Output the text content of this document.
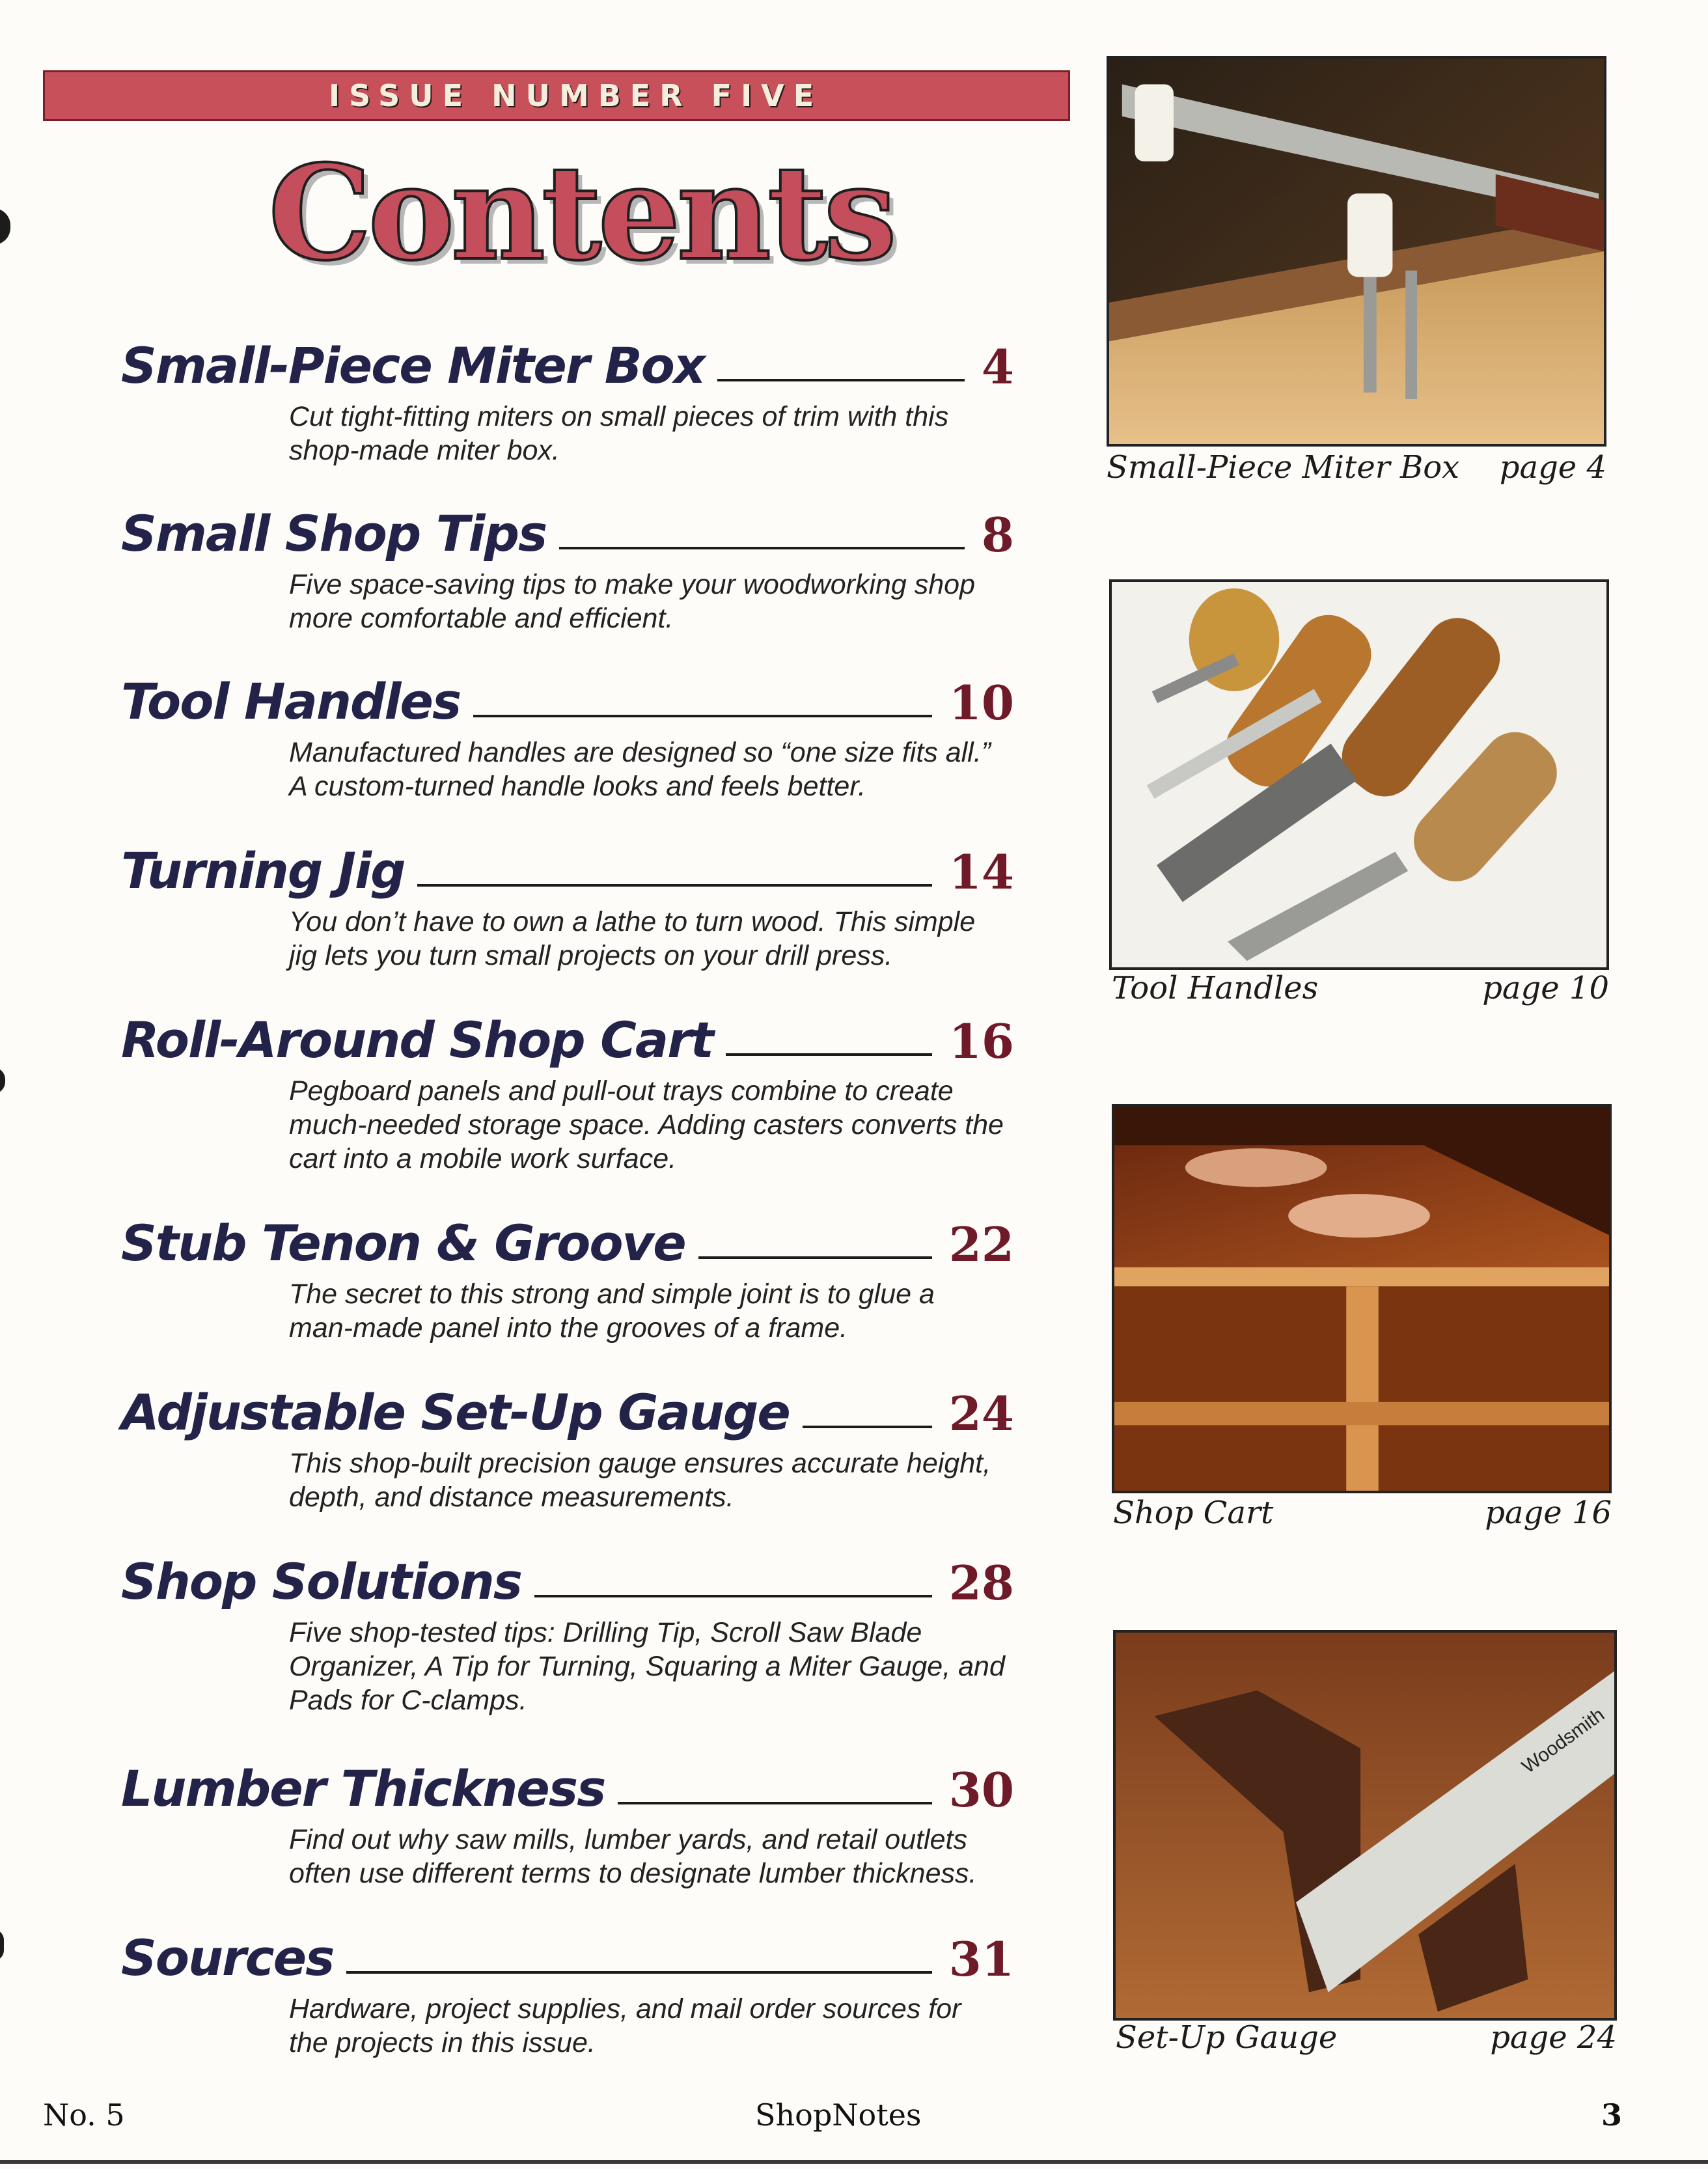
ISSUE NUMBER FIVE
Contents
Small-Piece Miter Box	4
Cut tight-fitting miters on small pieces of trim with this shop-made miter box.
Small Shop Tips	8
Five space-saving tips to make your woodworking shop more comfortable and efficient.
Tool Handles	10
Manufactured handles are designed so “one size fits all.” A custom-turned handle looks and feels better.
Turning Jig	14
You don’t have to own a lathe to turn wood. This simple jig lets you turn small projects on your drill press.
Roll-Around Shop Cart	16
Pegboard panels and pull-out trays combine to create much-needed storage space. Adding casters converts the cart into a mobile work surface.
Stub Tenon & Groove	22
The secret to this strong and simple joint is to glue a man-made panel into the grooves of a frame.
Adjustable Set-Up Gauge	24
This shop-built precision gauge ensures accurate height, depth, and distance measurements.
Shop Solutions	28
Five shop-tested tips: Drilling Tip, Scroll Saw Blade Organizer, A Tip for Turning, Squaring a Miter Gauge, and Pads for C-clamps.
Lumber Thickness	30
Find out why saw mills, lumber yards, and retail outlets often use different terms to designate lumber thickness.
Sources	31
Hardware, project supplies, and mail order sources for the projects in this issue.
Small-Piece Miter Box page 4
Tool Handles	page 10
Shop Cart	page 16
Woodsmith
Set-Up Gauge	page 24
No. 5	ShopNotes	3
